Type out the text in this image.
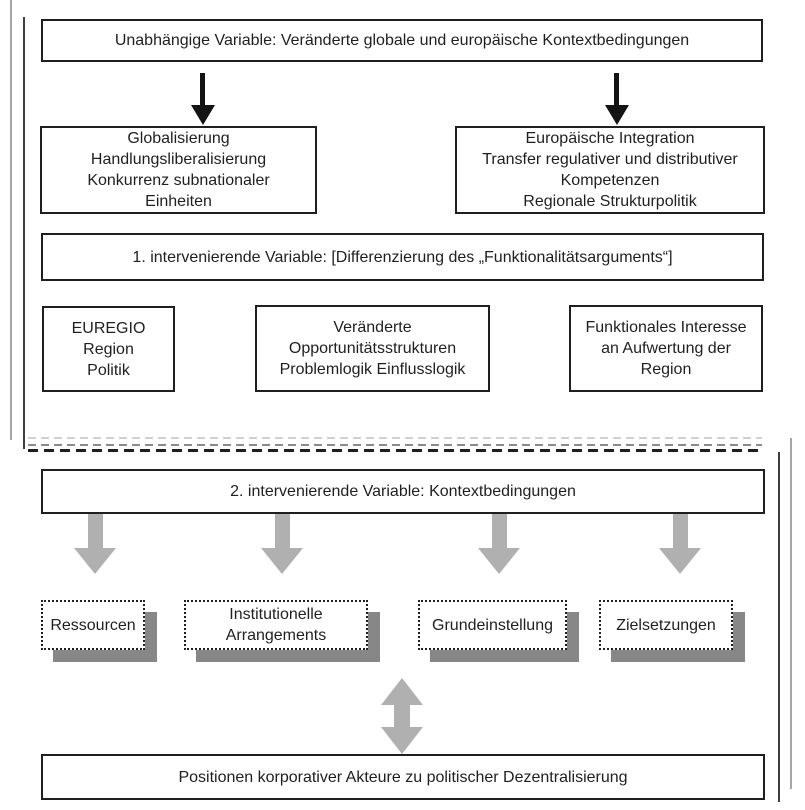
Unabhängige Variable: Veränderte globale und europäische Kontextbedingungen
Globalisierung
Handlungsliberalisierung
Konkurrenz subnationaler
Einheiten
Europäische Integration
Transfer regulativer und distributiver
Kompetenzen
Regionale Strukturpolitik
1. intervenierende Variable: [Differenzierung des „Funktionalitätsarguments“]
EUREGIO
Region
Politik
Veränderte
Opportunitätsstrukturen
Problemlogik Einflusslogik
Funktionales Interesse
an Aufwertung der
Region
2. intervenierende Variable: Kontextbedingungen
Ressourcen
Institutionelle
Arrangements
Grundeinstellung	Zielsetzungen
Positionen korporativer Akteure zu politischer Dezentralisierung
